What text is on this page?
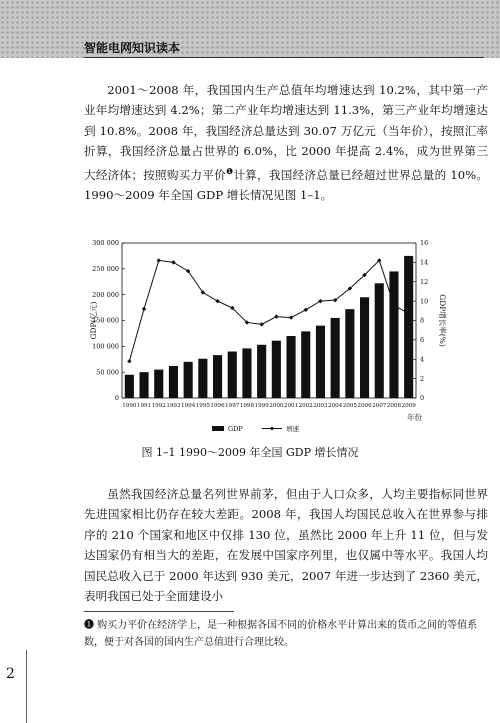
智能电网知识读本

2001～2008 年，我国国内生产总值年均增速达到 10.2%，其中第一产业年均增速达到 4.2%；第二产业年均增速达到 11.3%，第三产业年均增速达到 10.8%。2008 年，我国经济总量达到 30.07 万亿元（当年价），按照汇率折算，我国经济总量占世界的 6.0%，比 2000 年提高 2.4%，成为世界第三大经济体；按照购买力平价$^❶$计算，我国经济总量已经超过世界总量的 10%。1990～2009 年全国 GDP 增长情况见图 1–1。

0
50 000
100 000
150 000
200 000
250 000
300 000
0
2
4
6
8
10
12
14
16
GDP(亿元)	GDP增长率(%)
年份
1990 1991 1992 1993 1994 1995 1996 1997 1998 1999 2000 2001 2002 2003 2004 2005 2006 2007 2008 2009
GDP	增速
图 1–1 1990～2009 年全国 GDP 增长情况

虽然我国经济总量名列世界前茅，但由于人口众多，人均主要指标同世界先进国家相比仍存在较大差距。2008 年，我国人均国民总收入在世界参与排序的 210 个国家和地区中仅排 130 位，虽然比 2000 年上升 11 位，但与发达国家仍有相当大的差距，在发展中国家序列里，也仅属中等水平。我国人均国民总收入已于 2000 年达到 930 美元，2007 年进一步达到了 2360 美元，表明我国已处于全面建设小

❶ 购买力平价在经济学上，是一种根据各国不同的价格水平计算出来的货币之间的等值系数，便于对各国的国内生产总值进行合理比较。

2
